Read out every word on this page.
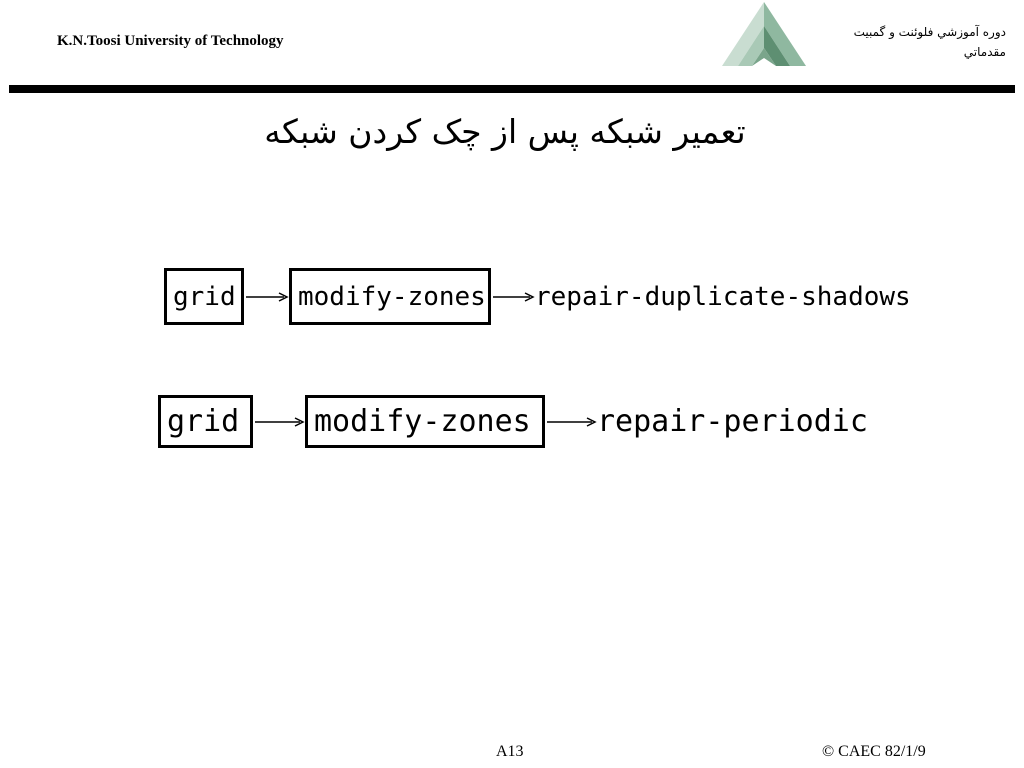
K.N.Toosi University of Technology
دوره آموزشي فلوئنت و گمبيت
مقدماتي
تعمیر شبکه پس از چک کردن شبکه
grid modify-zones repair-duplicate-shadows
grid modify-zones repair-periodic
A13	© CAEC 82/1/9
